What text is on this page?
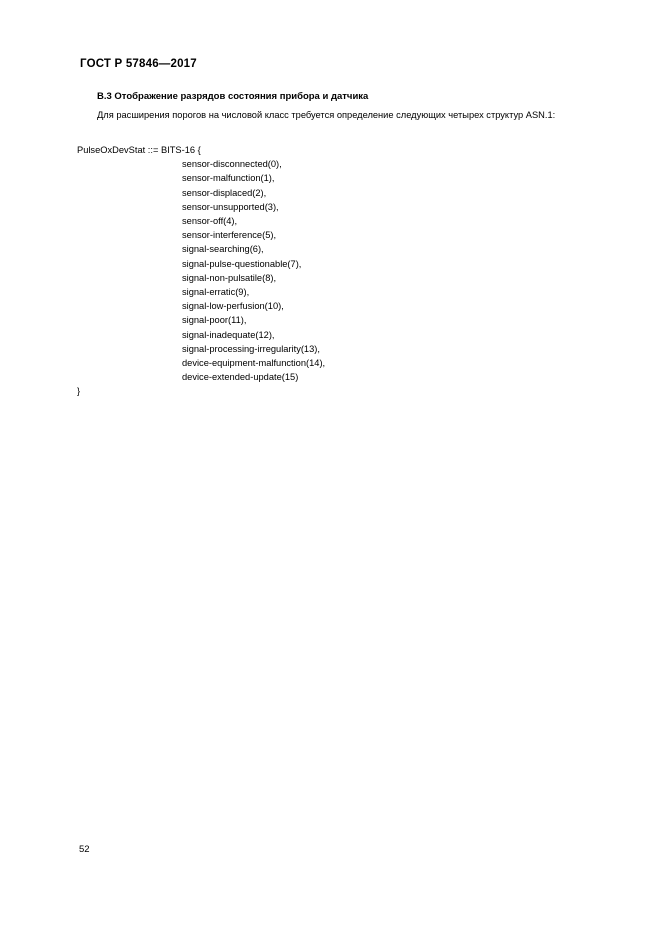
ГОСТ Р 57846—2017
В.3 Отображение разрядов состояния прибора и датчика
Для расширения порогов на числовой класс требуется определение следующих четырех структур ASN.1:
PulseOxDevStat ::= BITS-16 {
sensor-disconnected(0),
sensor-malfunction(1),
sensor-displaced(2),
sensor-unsupported(3),
sensor-off(4),
sensor-interference(5),
signal-searching(6),
signal-pulse-questionable(7),
signal-non-pulsatile(8),
signal-erratic(9),
signal-low-perfusion(10),
signal-poor(11),
signal-inadequate(12),
signal-processing-irregularity(13),
device-equipment-malfunction(14),
device-extended-update(15)
}
52
